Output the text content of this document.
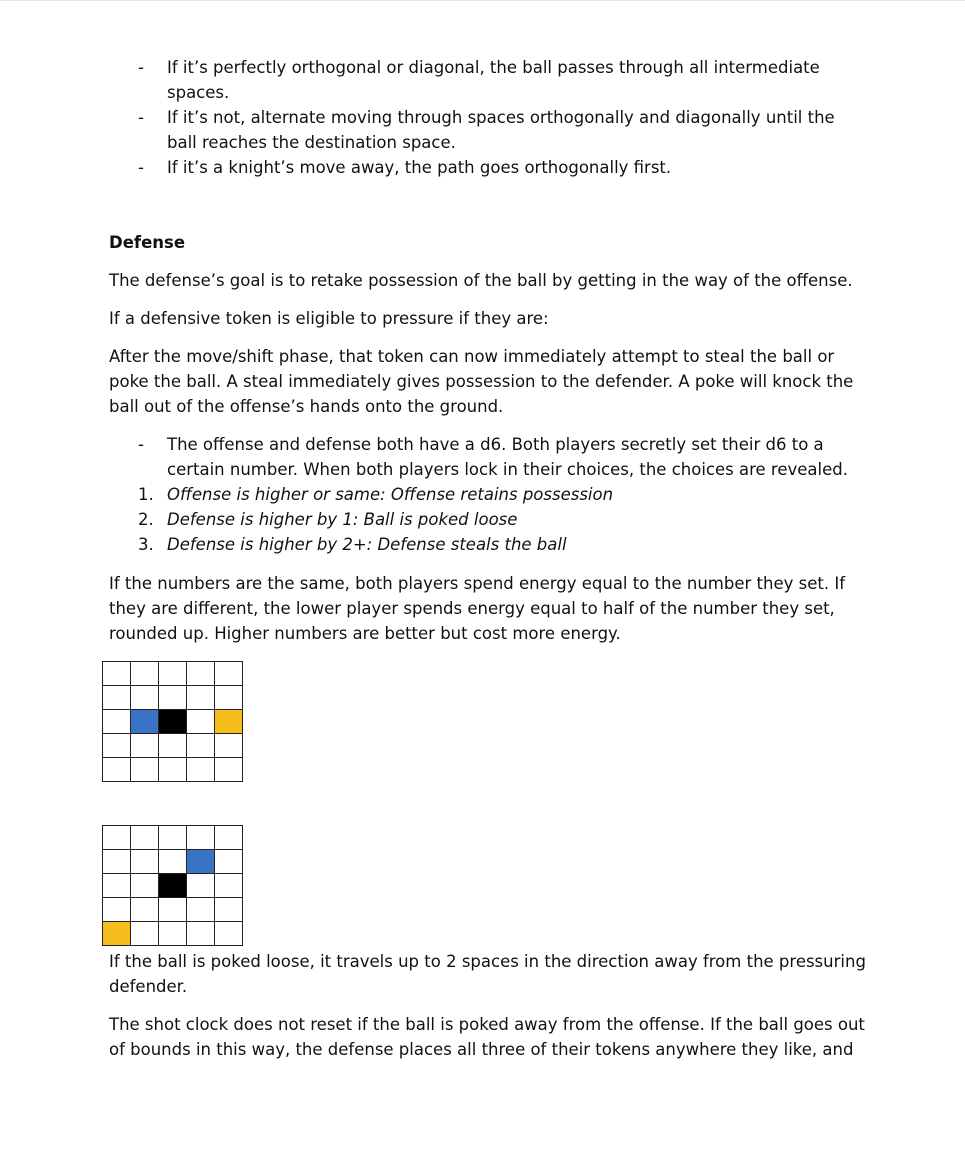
- If it’s perfectly orthogonal or diagonal, the ball passes through all intermediate spaces.
- If it’s not, alternate moving through spaces orthogonally and diagonally until the ball reaches the destination space.
- If it’s a knight’s move away, the path goes orthogonally first.
Defense

The defense’s goal is to retake possession of the ball by getting in the way of the offense.

If a defensive token is eligible to pressure if they are:

After the move/shift phase, that token can now immediately attempt to steal the ball or poke the ball. A steal immediately gives possession to the defender. A poke will knock the ball out of the offense’s hands onto the ground.

- The offense and defense both have a d6. Both players secretly set their d6 to a certain number. When both players lock in their choices, the choices are revealed.
1. Offense is higher or same: Offense retains possession
2. Defense is higher by 1: Ball is poked loose
3. Defense is higher by 2+: Defense steals the ball

If the numbers are the same, both players spend energy equal to the number they set. If they are different, the lower player spends energy equal to half of the number they set, rounded up. Higher numbers are better but cost more energy.

If the ball is poked loose, it travels up to 2 spaces in the direction away from the pressuring defender.

The shot clock does not reset if the ball is poked away from the offense. If the ball goes out of bounds in this way, the defense places all three of their tokens anywhere they like, and
